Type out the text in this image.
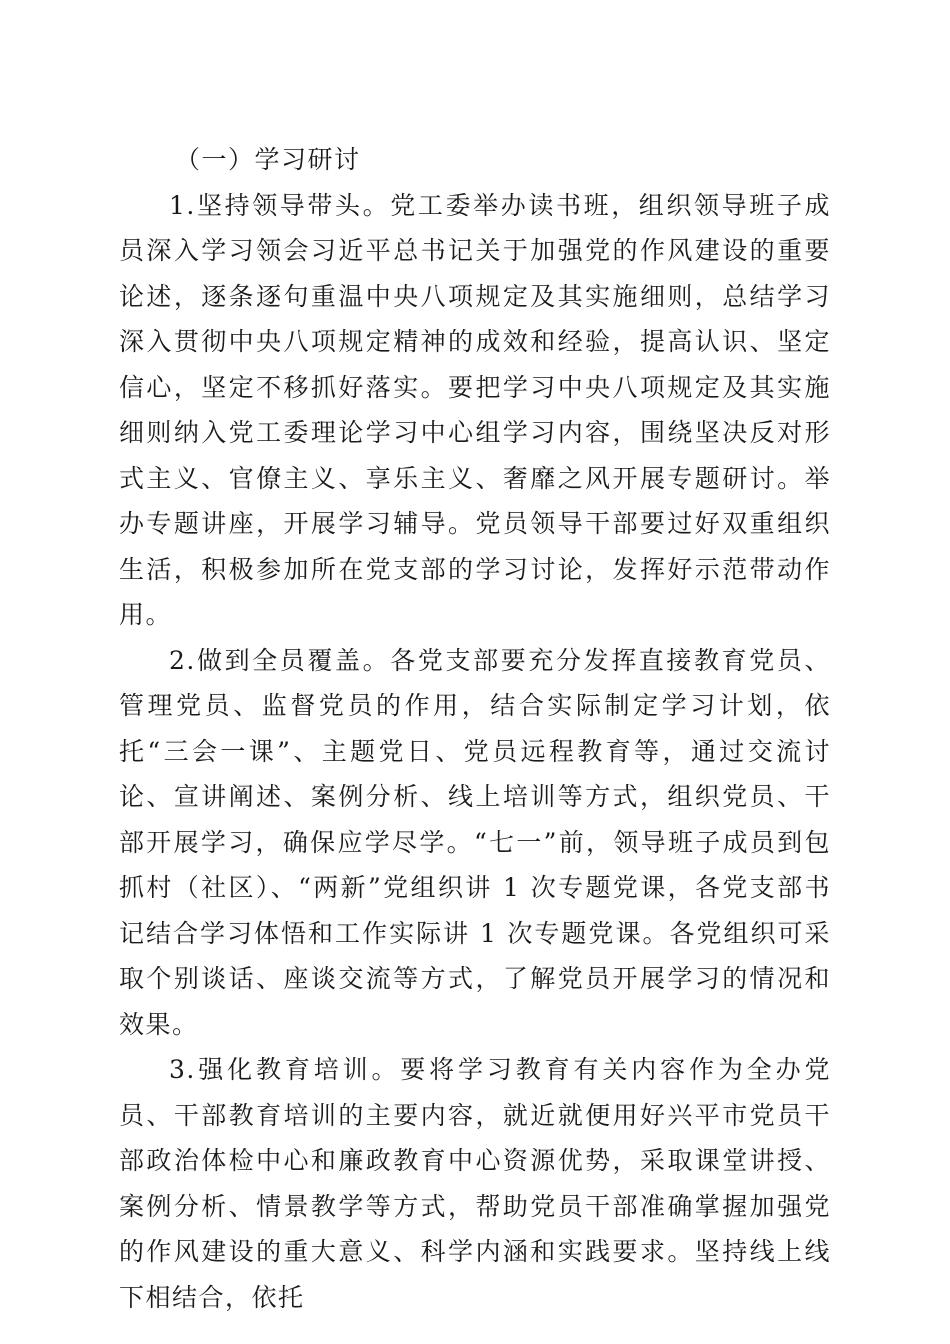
（一）学习研讨

1.坚持领导带头。党工委举办读书班，组织领导班子成员深入学习领会习近平总书记关于加强党的作风建设的重要论述，逐条逐句重温中央八项规定及其实施细则，总结学习深入贯彻中央八项规定精神的成效和经验，提高认识、坚定信心，坚定不移抓好落实。要把学习中央八项规定及其实施细则纳入党工委理论学习中心组学习内容，围绕坚决反对形式主义、官僚主义、享乐主义、奢靡之风开展专题研讨。举办专题讲座，开展学习辅导。党员领导干部要过好双重组织生活，积极参加所在党支部的学习讨论，发挥好示范带动作用。

2.做到全员覆盖。各党支部要充分发挥直接教育党员、管理党员、监督党员的作用，结合实际制定学习计划，依托“三会一课”、主题党日、党员远程教育等，通过交流讨论、宣讲阐述、案例分析、线上培训等方式，组织党员、干部开展学习，确保应学尽学。“七一”前，领导班子成员到包抓村（社区）、“两新”党组织讲 1 次专题党课，各党支部书记结合学习体悟和工作实际讲 1 次专题党课。各党组织可采取个别谈话、座谈交流等方式，了解党员开展学习的情况和效果。

3.强化教育培训。要将学习教育有关内容作为全办党员、干部教育培训的主要内容，就近就便用好兴平市党员干部政治体检中心和廉政教育中心资源优势，采取课堂讲授、案例分析、情景教学等方式，帮助党员干部准确掌握加强党的作风建设的重大意义、科学内涵和实践要求。坚持线上线下相结合，依托
